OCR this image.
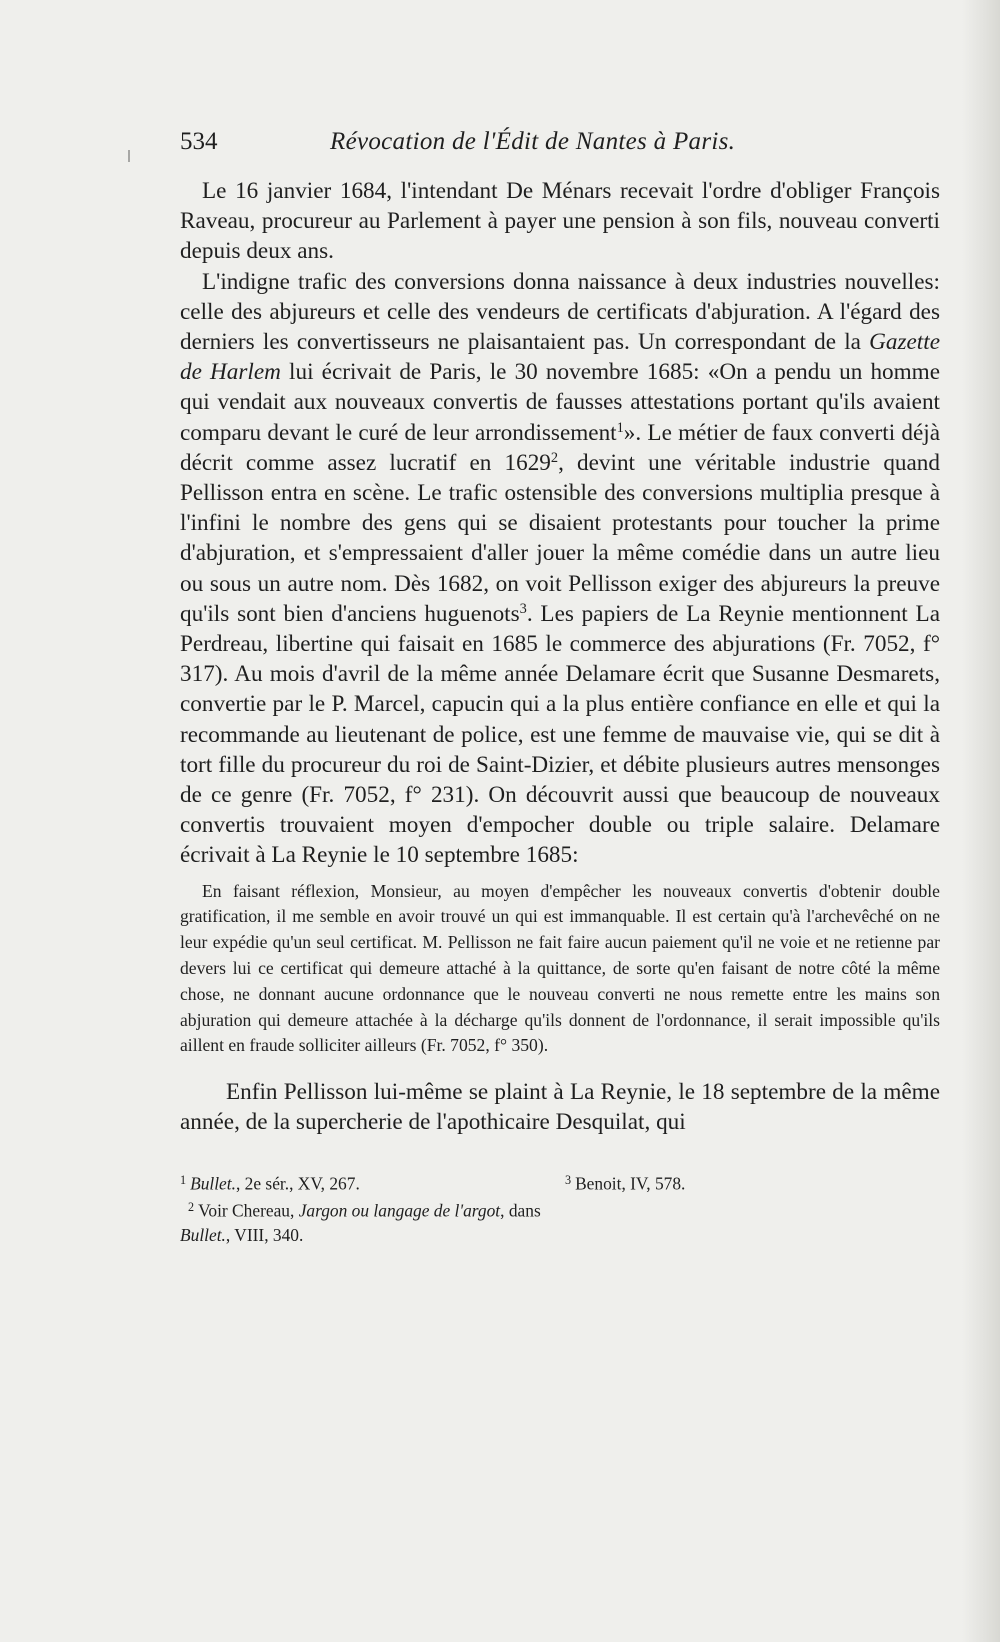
534	Révocation de l'Édit de Nantes à Paris.

Le 16 janvier 1684, l'intendant De Ménars recevait l'ordre d'obliger François Raveau, procureur au Parlement à payer une pension à son fils, nouveau converti depuis deux ans.

L'indigne trafic des conversions donna naissance à deux industries nouvelles: celle des abjureurs et celle des vendeurs de certificats d'abjuration. A l'égard des derniers les convertisseurs ne plaisantaient pas. Un correspondant de la Gazette de Harlem lui écrivait de Paris, le 30 novembre 1685: «On a pendu un homme qui vendait aux nouveaux convertis de fausses attestations portant qu'ils avaient comparu devant le curé de leur arrondissement$^1$». Le métier de faux converti déjà décrit comme assez lucratif en 1629$^2$, devint une véritable industrie quand Pellisson entra en scène. Le trafic ostensible des conversions multiplia presque à l'infini le nombre des gens qui se disaient protestants pour toucher la prime d'abjuration, et s'empressaient d'aller jouer la même comédie dans un autre lieu ou sous un autre nom. Dès 1682, on voit Pellisson exiger des abjureurs la preuve qu'ils sont bien d'anciens huguenots$^3$. Les papiers de La Reynie mentionnent La Perdreau, libertine qui faisait en 1685 le commerce des abjurations (Fr. 7052, f° 317). Au mois d'avril de la même année Delamare écrit que Susanne Desmarets, convertie par le P. Marcel, capucin qui a la plus entière confiance en elle et qui la recommande au lieutenant de police, est une femme de mauvaise vie, qui se dit à tort fille du procureur du roi de Saint-Dizier, et débite plusieurs autres mensonges de ce genre (Fr. 7052, f° 231). On découvrit aussi que beaucoup de nouveaux convertis trouvaient moyen d'empocher double ou triple salaire. Delamare écrivait à La Reynie le 10 septembre 1685:

En faisant réflexion, Monsieur, au moyen d'empêcher les nouveaux convertis d'obtenir double gratification, il me semble en avoir trouvé un qui est immanquable. Il est certain qu'à l'archevêché on ne leur expédie qu'un seul certificat. M. Pellisson ne fait faire aucun paiement qu'il ne voie et ne retienne par devers lui ce certificat qui demeure attaché à la quittance, de sorte qu'en faisant de notre côté la même chose, ne donnant aucune ordonnance que le nouveau converti ne nous remette entre les mains son abjuration qui demeure attachée à la décharge qu'ils donnent de l'ordonnance, il serait impossible qu'ils aillent en fraude solliciter ailleurs (Fr. 7052, f° 350).

Enfin Pellisson lui-même se plaint à La Reynie, le 18 septembre de la même année, de la supercherie de l'apothicaire Desquilat, qui

$^1$ Bullet., 2e sér., XV, 267.	$^3$ Benoit, IV, 578.
$^2$ Voir Chereau, Jargon ou langage de l'argot, dans Bullet., VIII, 340.
